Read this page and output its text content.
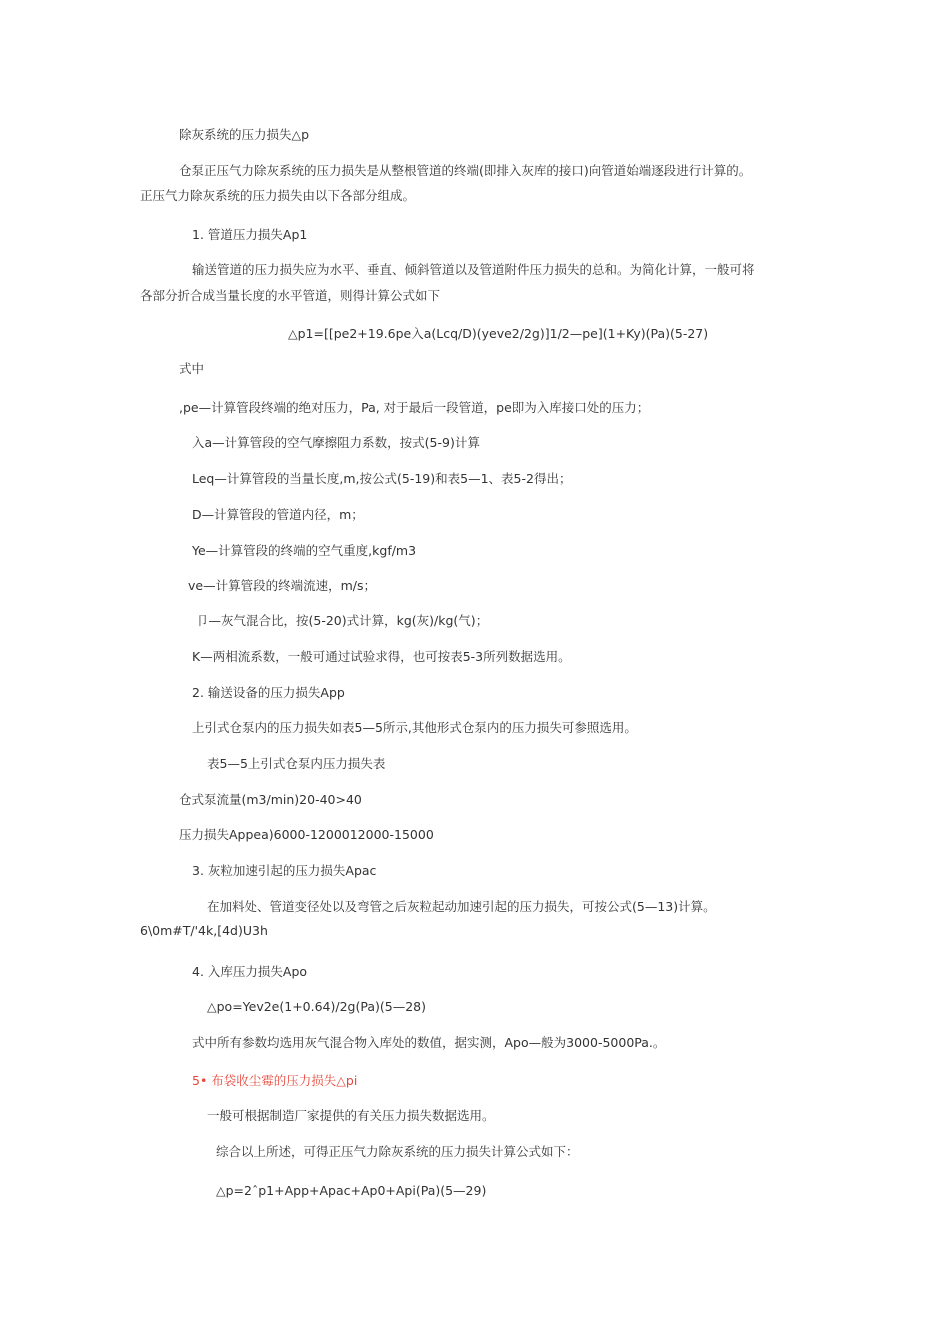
除灰系统的压力损失△p
仓泵正压气力除灰系统的压力损失是从整根管道的终端(即排入灰库的接口)向管道始端逐段进行计算的。
正压气力除灰系统的压力损失由以下各部分组成。
1. 管道压力损失Ap1
输送管道的压力损失应为水平、垂直、倾斜管道以及管道附件压力损失的总和。为简化计算，一般可将
各部分折合成当量长度的水平管道，则得计算公式如下
△p1=[[pe2+19.6pe入a(Lcq/D)(yeve2/2g)]1/2—pe](1+Ky)(Pa)(5-27)
式中
,pe—计算管段终端的绝对压力，Pa, 对于最后一段管道，pe即为入库接口处的压力；
入a—计算管段的空气摩擦阻力系数，按式(5-9)计算
Leq—计算管段的当量长度,m,按公式(5-19)和表5—1、表5-2得出；
D—计算管段的管道内径，m；
Ye—计算管段的终端的空气重度,kgf/m3
ve—计算管段的终端流速，m/s；
卩—灰气混合比，按(5-20)式计算，kg(灰)/kg(气)；
K—两相流系数，一般可通过试验求得，也可按表5-3所列数据选用。
2. 输送设备的压力损失App
上引式仓泵内的压力损失如表5—5所示,其他形式仓泵内的压力损失可参照选用。
表5—5上引式仓泵内压力损失表
仓式泵流量(m3/min)20-40>40
压力损失Appea)6000-1200012000-15000
3. 灰粒加速引起的压力损失Apac
在加料处、管道变径处以及弯管之后灰粒起动加速引起的压力损失，可按公式(5—13)计算。
6\0m#T/'4k,[4d)U3h
4. 入库压力损失Apo
△po=Yev2e(1+0.64)/2g(Pa)(5—28)
式中所有参数均选用灰气混合物入库处的数值，据实测，Apo—般为3000-5000Pa.。
5• 布袋收尘霉的压力损失△pi
一般可根据制造厂家提供的有关压力损失数据选用。
综合以上所述，可得正压气力除灰系统的压力损失计算公式如下：
△p=2ˆp1+App+Apac+Ap0+Api(Pa)(5—29)
